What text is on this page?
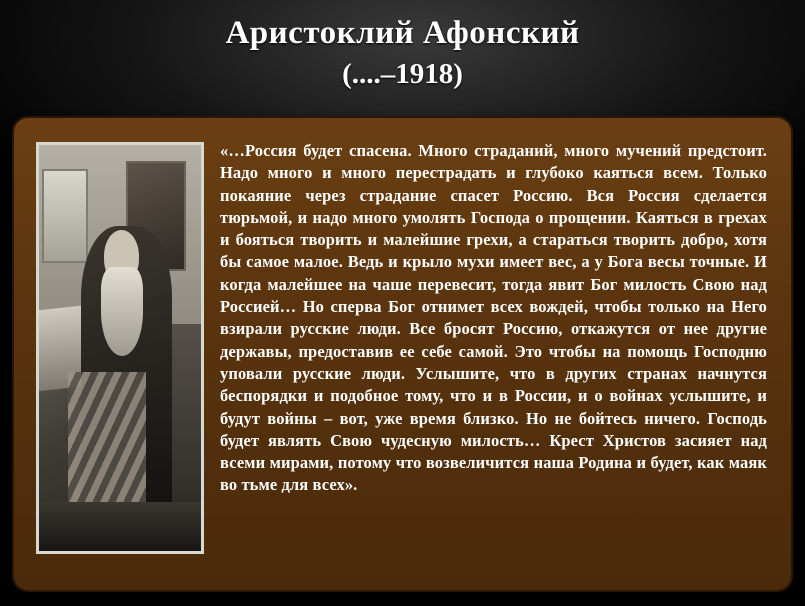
Аристоклий Афонский
(....–1918)
«…Россия будет спасена. Много страданий, много мучений предстоит. Надо много и много перестрадать и глубоко каяться всем. Только покаяние через страдание спасет Россию. Вся Россия сделается тюрьмой, и надо много умолять Господа о прощении. Каяться в грехах и бояться творить и малейшие грехи, а стараться творить добро, хотя бы самое малое. Ведь и крыло мухи имеет вес, а у Бога весы точные. И когда малейшее на чаше перевесит, тогда явит Бог милость Свою над Россией… Но сперва Бог отнимет всех вождей, чтобы только на Него взирали русские люди. Все бросят Россию, откажутся от нее другие державы, предоставив ее себе самой. Это чтобы на помощь Господню уповали русские люди. Услышите, что в других странах начнутся беспорядки и подобное тому, что и в России, и о войнах услышите, и будут войны – вот, уже время близко. Но не бойтесь ничего. Господь будет являть Свою чудесную милость… Крест Христов засияет над всеми мирами, потому что возвеличится наша Родина и будет, как маяк во тьме для всех».
